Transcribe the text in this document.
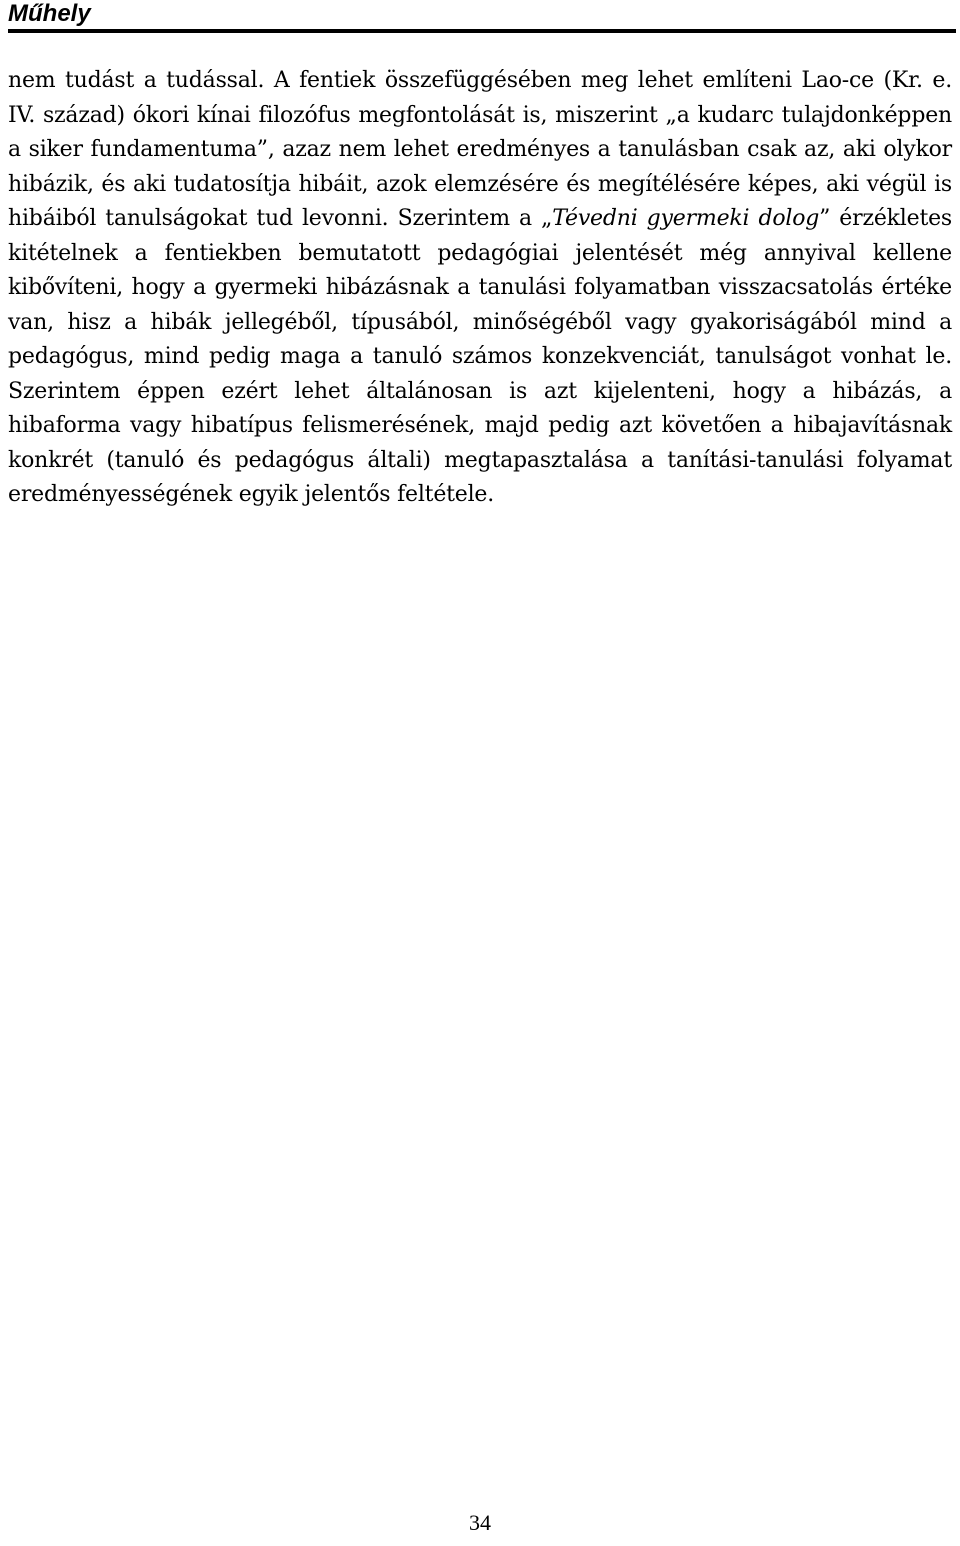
Műhely

nem tudást a tudással. A fentiek összefüggésében meg lehet említeni Lao-ce (Kr. e. IV. század) ókori kínai filozófus megfontolását is, miszerint „a kudarc tulajdonképpen a siker fundamentuma”, azaz nem lehet eredményes a tanulásban csak az, aki olykor hibázik, és aki tudatosítja hibáit, azok elemzésére és megítélésére képes, aki végül is hibáiból tanulságokat tud levonni. Szerintem a „Tévedni gyermeki dolog” érzékletes kitételnek a fentiekben bemutatott pedagógiai jelentését még annyival kellene kibővíteni, hogy a gyermeki hibázásnak a tanulási folyamatban visszacsatolás értéke van, hisz a hibák jellegéből, típusából, minőségéből vagy gyakoriságából mind a pedagógus, mind pedig maga a tanuló számos konzekvenciát, tanulságot vonhat le. Szerintem éppen ezért lehet általánosan is azt kijelenteni, hogy a hibázás, a hibaforma vagy hibatípus felismerésének, majd pedig azt követően a hibajavításnak konkrét (tanuló és pedagógus általi) megtapasztalása a tanítási-tanulási folyamat eredményességének egyik jelentős feltétele.

34
